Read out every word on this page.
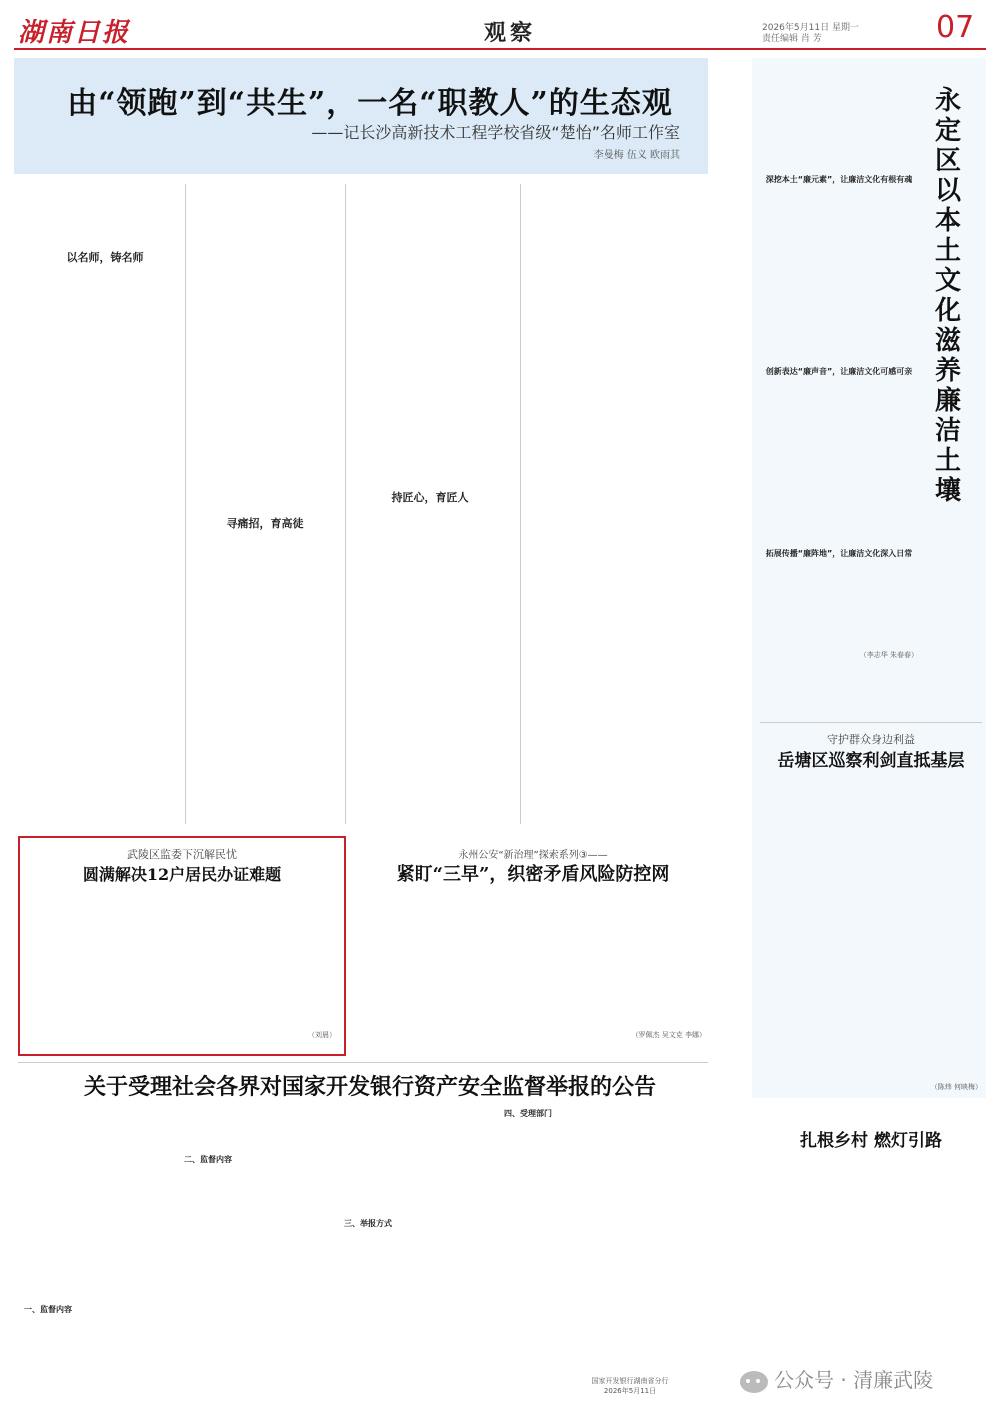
湖南日报	观察	2026年5月11日 星期一
责任编辑 肖 芳	07
由“领跑”到“共生”，一名“职教人”的生态观
——记长沙高新技术工程学校省级“楚怡”名师工作室
李曼梅 伍义 欧雨其
以名师，铸名师
寻痛招，育高徒
持匠心，育匠人
永定区以本土文化滋养廉洁土壤
深挖本土“廉元素”，让廉洁文化有根有魂
创新表达“廉声音”，让廉洁文化可感可亲
拓展传播“廉阵地”，让廉洁文化深入日常
（李志华 朱春春）
守护群众身边利益
岳塘区巡察利剑直抵基层
（陈炜 何映梅）
扎根乡村 燃灯引路
武陵区监委下沉解民忧
圆满解决12户居民办证难题
（刘晨）
永州公安“新治理”探索系列③——
紧盯“三早”，织密矛盾风险防控网
（罗佩杰 吴文克 李娜）
关于受理社会各界对国家开发银行资产安全监督举报的公告
一、监督内容
二、监督内容
三、举报方式
四、受理部门
国家开发银行湖南省分行
2026年5月11日	公众号 · 清廉武陵
